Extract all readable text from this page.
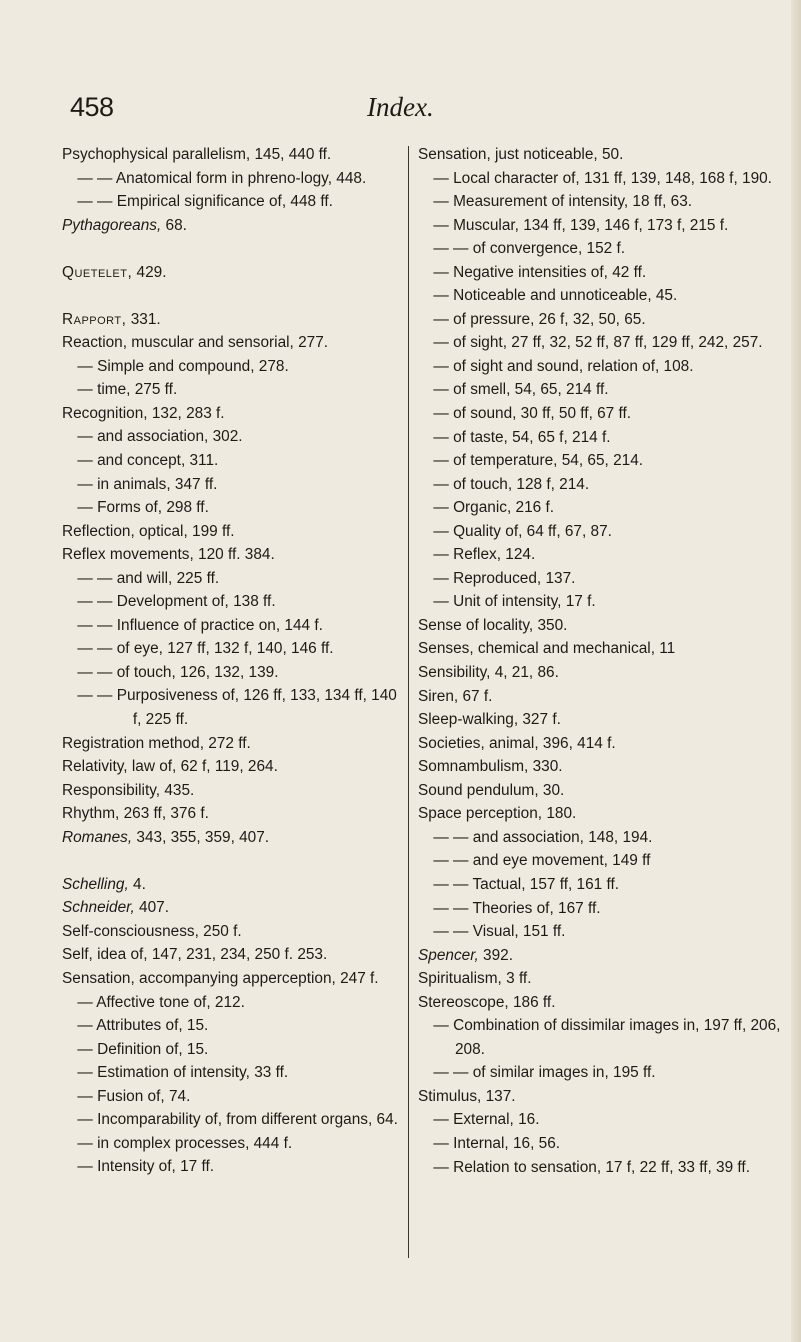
458	Index.
Psychophysical parallelism, 145, 440 ff.
— — Anatomical form in phreno-logy, 448.
— — Empirical significance of, 448 ff.
Pythagoreans, 68.
Quetelet, 429.
Rapport, 331.
Reaction, muscular and sensorial, 277.
— Simple and compound, 278.
— time, 275 ff.
Recognition, 132, 283 f.
— and association, 302.
— and concept, 311.
— in animals, 347 ff.
— Forms of, 298 ff.
Reflection, optical, 199 ff.
Reflex movements, 120 ff. 384.
— — and will, 225 ff.
— — Development of, 138 ff.
— — Influence of practice on, 144 f.
— — of eye, 127 ff, 132 f, 140, 146 ff.
— — of touch, 126, 132, 139.
— — Purposiveness of, 126 ff, 133, 134 ff, 140 f, 225 ff.
Registration method, 272 ff.
Relativity, law of, 62 f, 119, 264.
Responsibility, 435.
Rhythm, 263 ff, 376 f.
Romanes, 343, 355, 359, 407.
Schelling, 4.
Schneider, 407.
Self-consciousness, 250 f.
Self, idea of, 147, 231, 234, 250 f. 253.
Sensation, accompanying apperception, 247 f.
— Affective tone of, 212.
— Attributes of, 15.
— Definition of, 15.
— Estimation of intensity, 33 ff.
— Fusion of, 74.
— Incomparability of, from different organs, 64.
— in complex processes, 444 f.
— Intensity of, 17 ff.
Sensation, just noticeable, 50.
— Local character of, 131 ff, 139, 148, 168 f, 190.
— Measurement of intensity, 18 ff, 63.
— Muscular, 134 ff, 139, 146 f, 173 f, 215 f.
— — of convergence, 152 f.
— Negative intensities of, 42 ff.
— Noticeable and unnoticeable, 45.
— of pressure, 26 f, 32, 50, 65.
— of sight, 27 ff, 32, 52 ff, 87 ff, 129 ff, 242, 257.
— of sight and sound, relation of, 108.
— of smell, 54, 65, 214 ff.
— of sound, 30 ff, 50 ff, 67 ff.
— of taste, 54, 65 f, 214 f.
— of temperature, 54, 65, 214.
— of touch, 128 f, 214.
— Organic, 216 f.
— Quality of, 64 ff, 67, 87.
— Reflex, 124.
— Reproduced, 137.
— Unit of intensity, 17 f.
Sense of locality, 350.
Senses, chemical and mechanical, 11
Sensibility, 4, 21, 86.
Siren, 67 f.
Sleep-walking, 327 f.
Societies, animal, 396, 414 f.
Somnambulism, 330.
Sound pendulum, 30.
Space perception, 180.
— — and association, 148, 194.
— — and eye movement, 149 ff
— — Tactual, 157 ff, 161 ff.
— — Theories of, 167 ff.
— — Visual, 151 ff.
Spencer, 392.
Spiritualism, 3 ff.
Stereoscope, 186 ff.
— Combination of dissimilar images in, 197 ff, 206, 208.
— — of similar images in, 195 ff.
Stimulus, 137.
— External, 16.
— Internal, 16, 56.
— Relation to sensation, 17 f, 22 ff, 33 ff, 39 ff.
